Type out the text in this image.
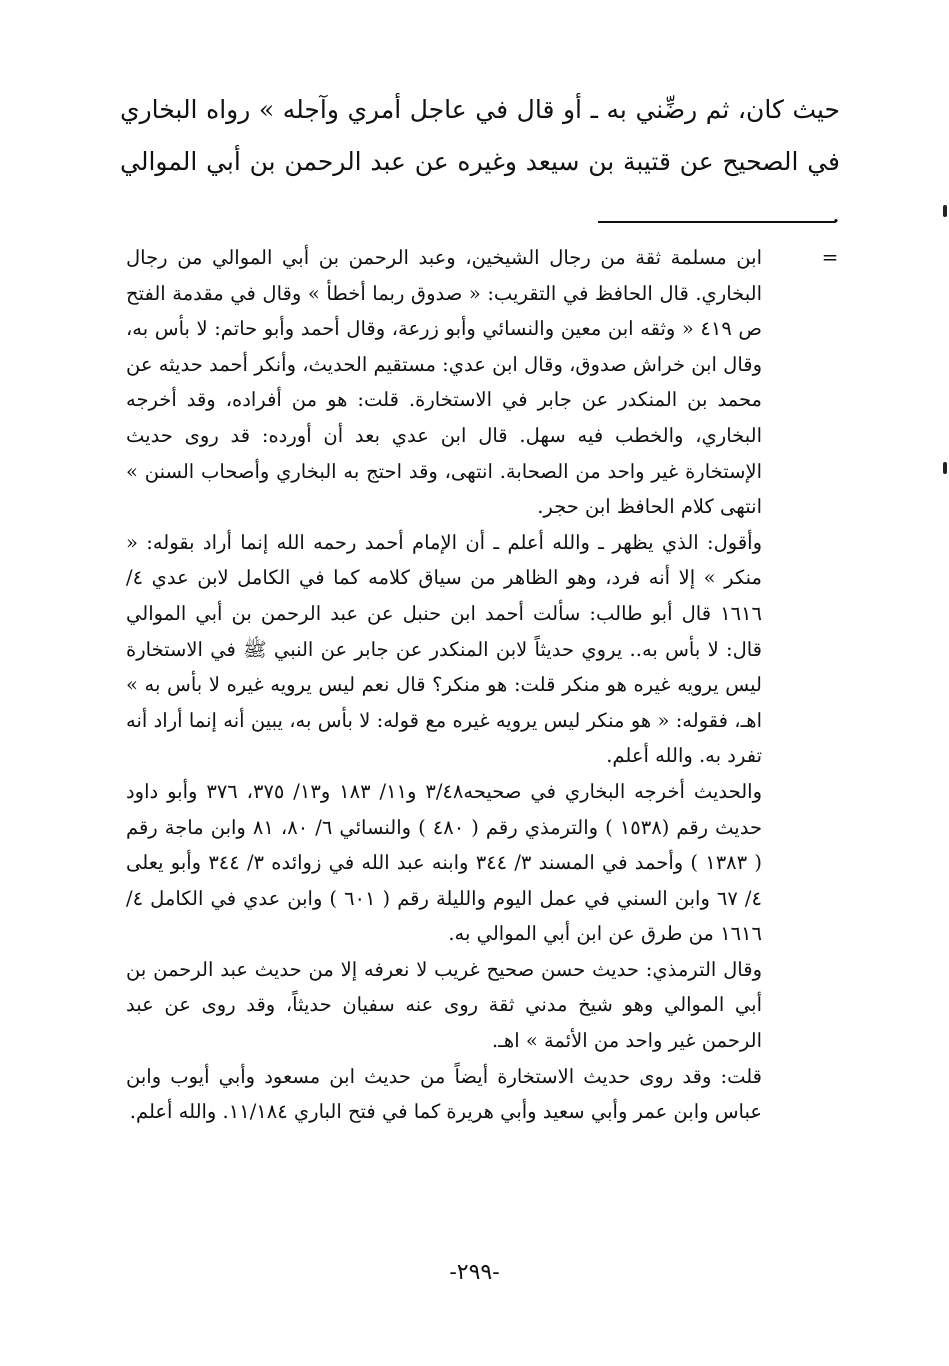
حيث كان، ثم رضِّني به ـ أو قال في عاجل أمري وآجله » رواه البخاري في الصحيح عن قتيبة بن سيعد وغيره عن عبد الرحمن بن أبي الموالي .

=

ابن مسلمة ثقة من رجال الشيخين، وعبد الرحمن بن أبي الموالي من رجال البخاري. قال الحافظ في التقريب: « صدوق ربما أخطأ » وقال في مقدمة الفتح ص ٤١٩ « وثقه ابن معين والنسائي وأبو زرعة، وقال أحمد وأبو حاتم: لا بأس به، وقال ابن خراش صدوق، وقال ابن عدي: مستقيم الحديث، وأنكر أحمد حديثه عن محمد بن المنكدر عن جابر في الاستخارة. قلت: هو من أفراده، وقد أخرجه البخاري، والخطب فيه سهل. قال ابن عدي بعد أن أورده: قد روى حديث الإستخارة غير واحد من الصحابة. انتهى، وقد احتج به البخاري وأصحاب السنن » انتهى كلام الحافظ ابن حجر.

وأقول: الذي يظهر ـ والله أعلم ـ أن الإمام أحمد رحمه الله إنما أراد بقوله: « منكر » إلا أنه فرد، وهو الظاهر من سياق كلامه كما في الكامل لابن عدي ٤/ ١٦١٦ قال أبو طالب: سألت أحمد ابن حنبل عن عبد الرحمن بن أبي الموالي قال: لا بأس به.. يروي حديثاً لابن المنكدر عن جابر عن النبي ﷺ في الاستخارة ليس يرويه غيره هو منكر قلت: هو منكر؟ قال نعم ليس يرويه غيره لا بأس به » اهـ، فقوله: « هو منكر ليس يرويه غيره مع قوله: لا بأس به، يبين أنه إنما أراد أنه تفرد به. والله أعلم.

والحديث أخرجه البخاري في صحيحه٣/٤٨ و١١/ ١٨٣ و١٣/ ٣٧٥، ٣٧٦ وأبو داود حديث رقم (١٥٣٨ ) والترمذي رقم ( ٤٨٠ ) والنسائي ٦/ ٨٠، ٨١ وابن ماجة رقم ( ١٣٨٣ ) وأحمد في المسند ٣/ ٣٤٤ وابنه عبد الله في زوائده ٣/ ٣٤٤ وأبو يعلى ٤/ ٦٧ وابن السني في عمل اليوم والليلة رقم ( ٦٠١ ) وابن عدي في الكامل ٤/ ١٦١٦ من طرق عن ابن أبي الموالي به.

وقال الترمذي: حديث حسن صحيح غريب لا نعرفه إلا من حديث عبد الرحمن بن أبي الموالي وهو شيخ مدني ثقة روى عنه سفيان حديثاً، وقد روى عن عبد الرحمن غير واحد من الأئمة » اهـ.

قلت: وقد روى حديث الاستخارة أيضاً من حديث ابن مسعود وأبي أيوب وابن عباس وابن عمر وأبي سعيد وأبي هريرة كما في فتح الباري ١١/١٨٤. والله أعلم.

-٢٩٩-
